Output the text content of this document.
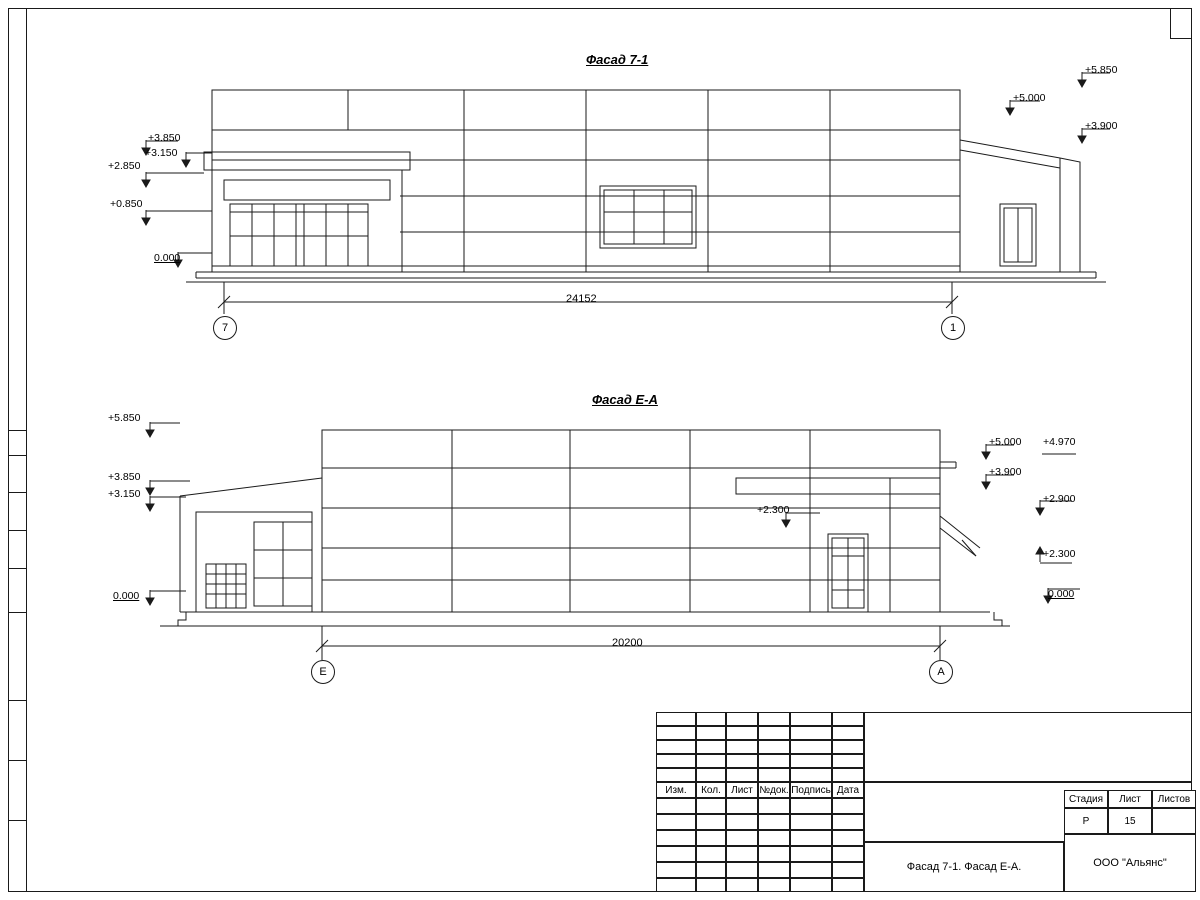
Фасад 7-1
+3.850
+3.150
+2.850
+0.850
0.000
+5.850
+5.000
+3.900
24152
7	1
Фасад Е-А
+5.850
+3.850
+3.150
0.000
+2.300
+5.000 +4.970
+3.900
+2.900
+2.300
0.000
20200
Е	А
Изм.	Кол.	Лист №док. Подпись Дата
Фасад 7-1. Фасад Е-А.
Стадия	Лист	Листов
Р	15
ООО "Альянс"
